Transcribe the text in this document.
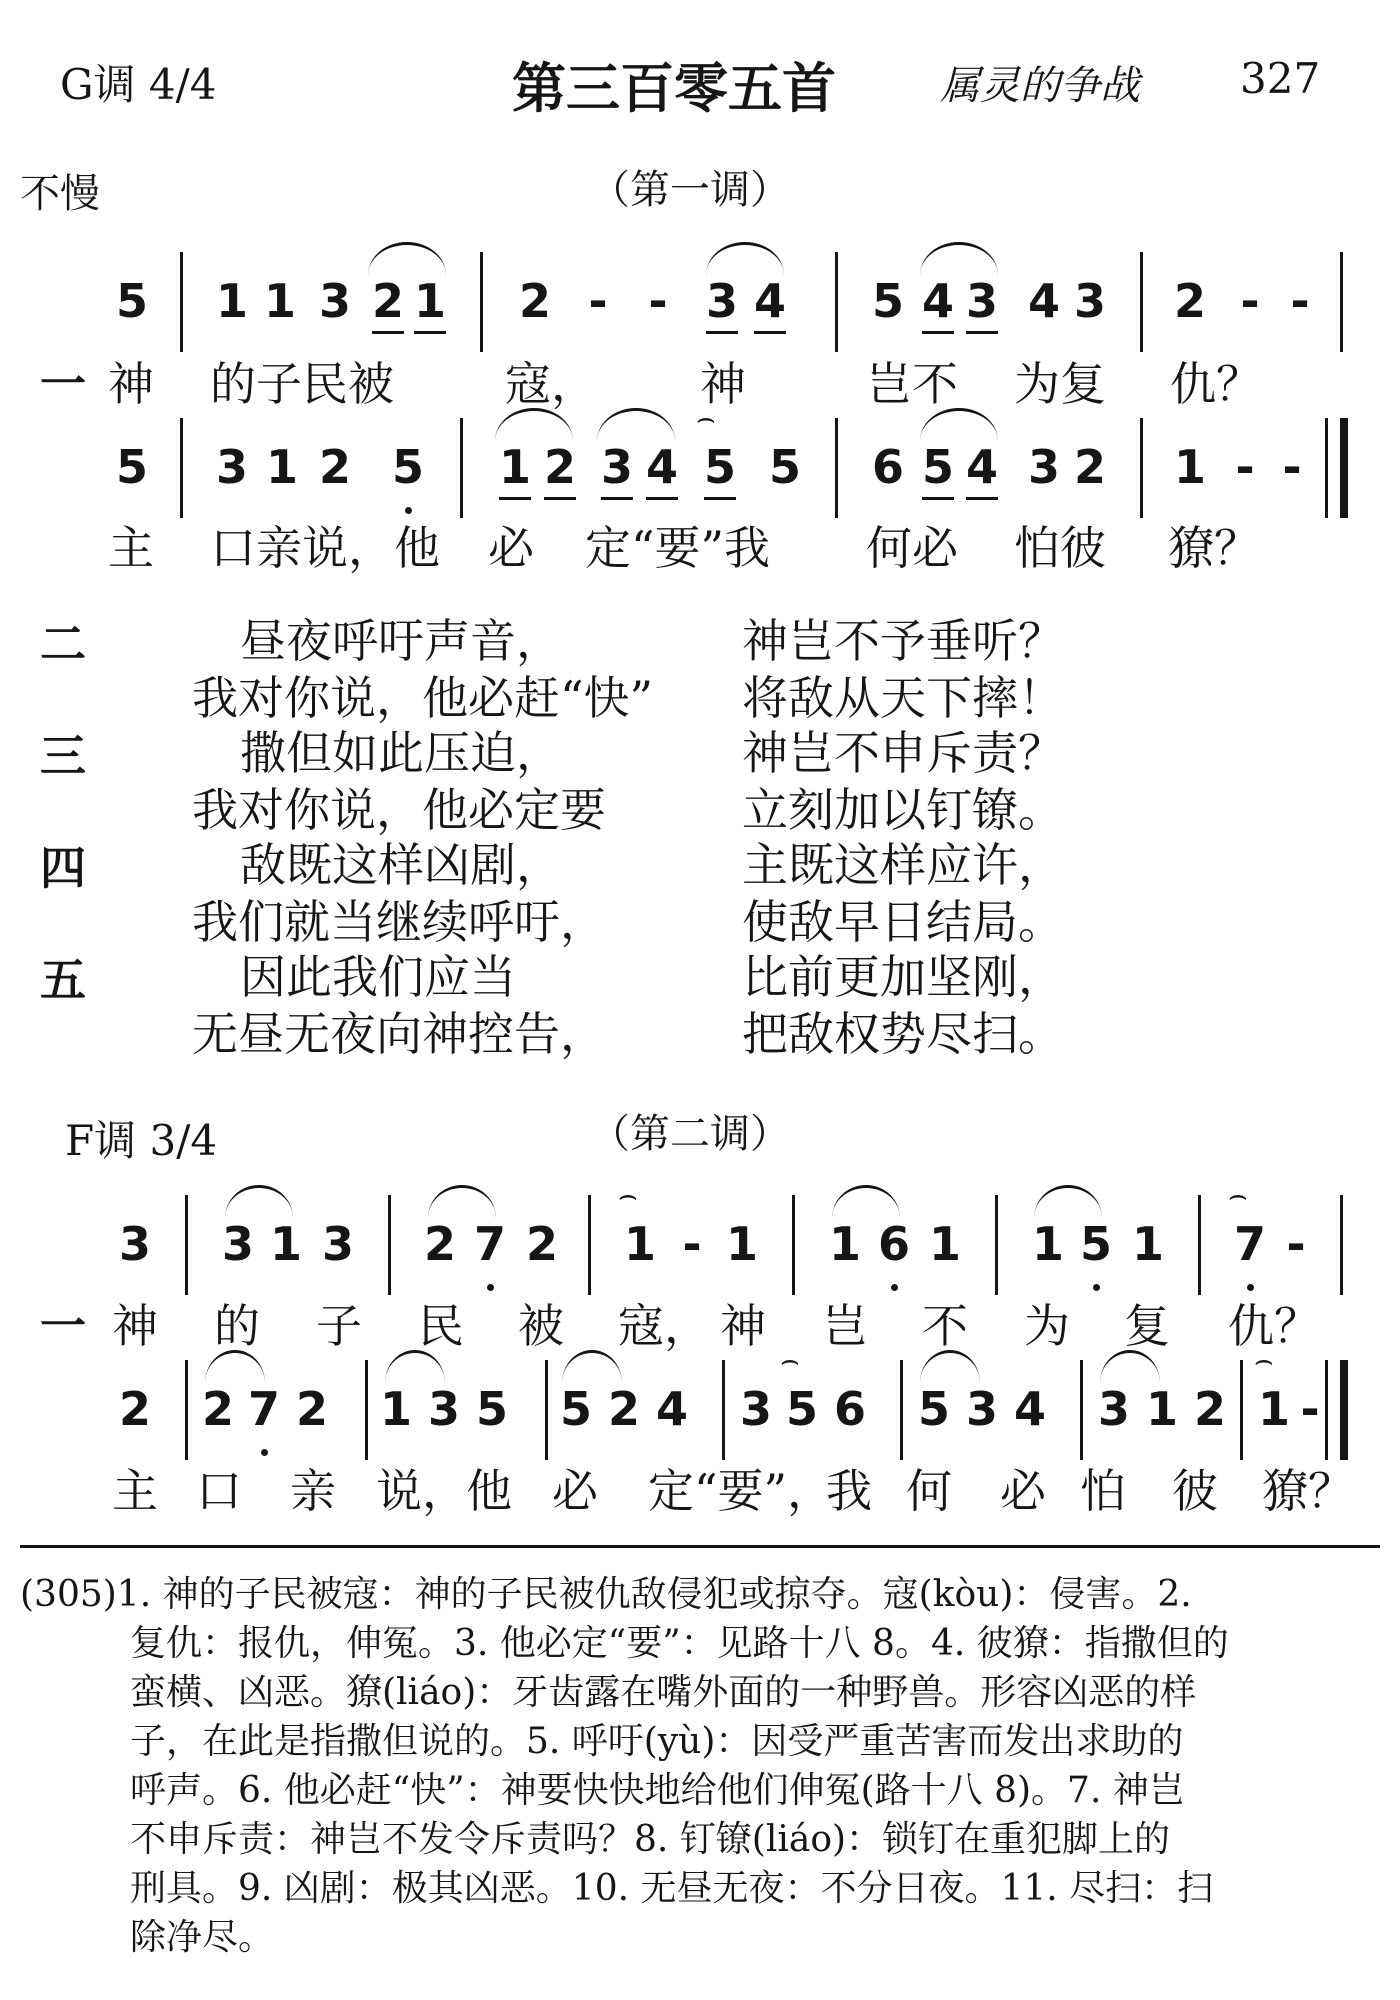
G调 4/4	第三百零五首	属灵的争战 327
不慢	（第一调）
5 1 1 3 2 1 2 - - 3 4 5 4 3 4 3 2 - -
一 神 的子民被 寇， 神	岂不 为复 仇？
⌢
5 3 1 2 5 1 2 3 4 5 5 6 5 4 3 2 1 - -
主 口亲说，他 必 定“要”我 何必 怕彼 獠？
二	昼夜呼吁声音，	神岂不予垂听？
我对你说，他必赶“快” 将敌从天下摔！
三	撒但如此压迫，	神岂不申斥责？
我对你说，他必定要	立刻加以钉镣。
四	敌既这样凶剧，	主既这样应许，
我们就当继续呼吁，	使敌早日结局。
五	因此我们应当	比前更加坚刚，
无昼无夜向神控告，	把敌权势尽扫。
F调 3/4	（第二调）
⌢	⌢
3 3 1 3 2 7 2 1 - 1 1 6 1 1 5 1 7 -
一 神 的 子 民 被 寇， 神 岂 不 为 复 仇？
⌢	⌢
2 2 7 2 1 3 5 5 2 4 3 5 6 5 3 4 3 1 2 1 -
主 口 亲 说，
他 必 定“要”，
我 何 必 怕 彼 獠？
(305)1. 神的子民被寇：神的子民被仇敌侵犯或掠夺。寇(kòu)：侵害。2.
复仇：报仇，伸冤。3. 他必定“要”：见路十八 8。4. 彼獠：指撒但的
蛮横、凶恶。獠(liáo)：牙齿露在嘴外面的一种野兽。形容凶恶的样
子，在此是指撒但说的。5. 呼吁(yù)：因受严重苦害而发出求助的
呼声。6. 他必赶“快”：神要快快地给他们伸冤(路十八 8)。7. 神岂
不申斥责：神岂不发令斥责吗？8. 钉镣(liáo)：锁钉在重犯脚上的
刑具。9. 凶剧：极其凶恶。10. 无昼无夜：不分日夜。11. 尽扫：扫
除净尽。
